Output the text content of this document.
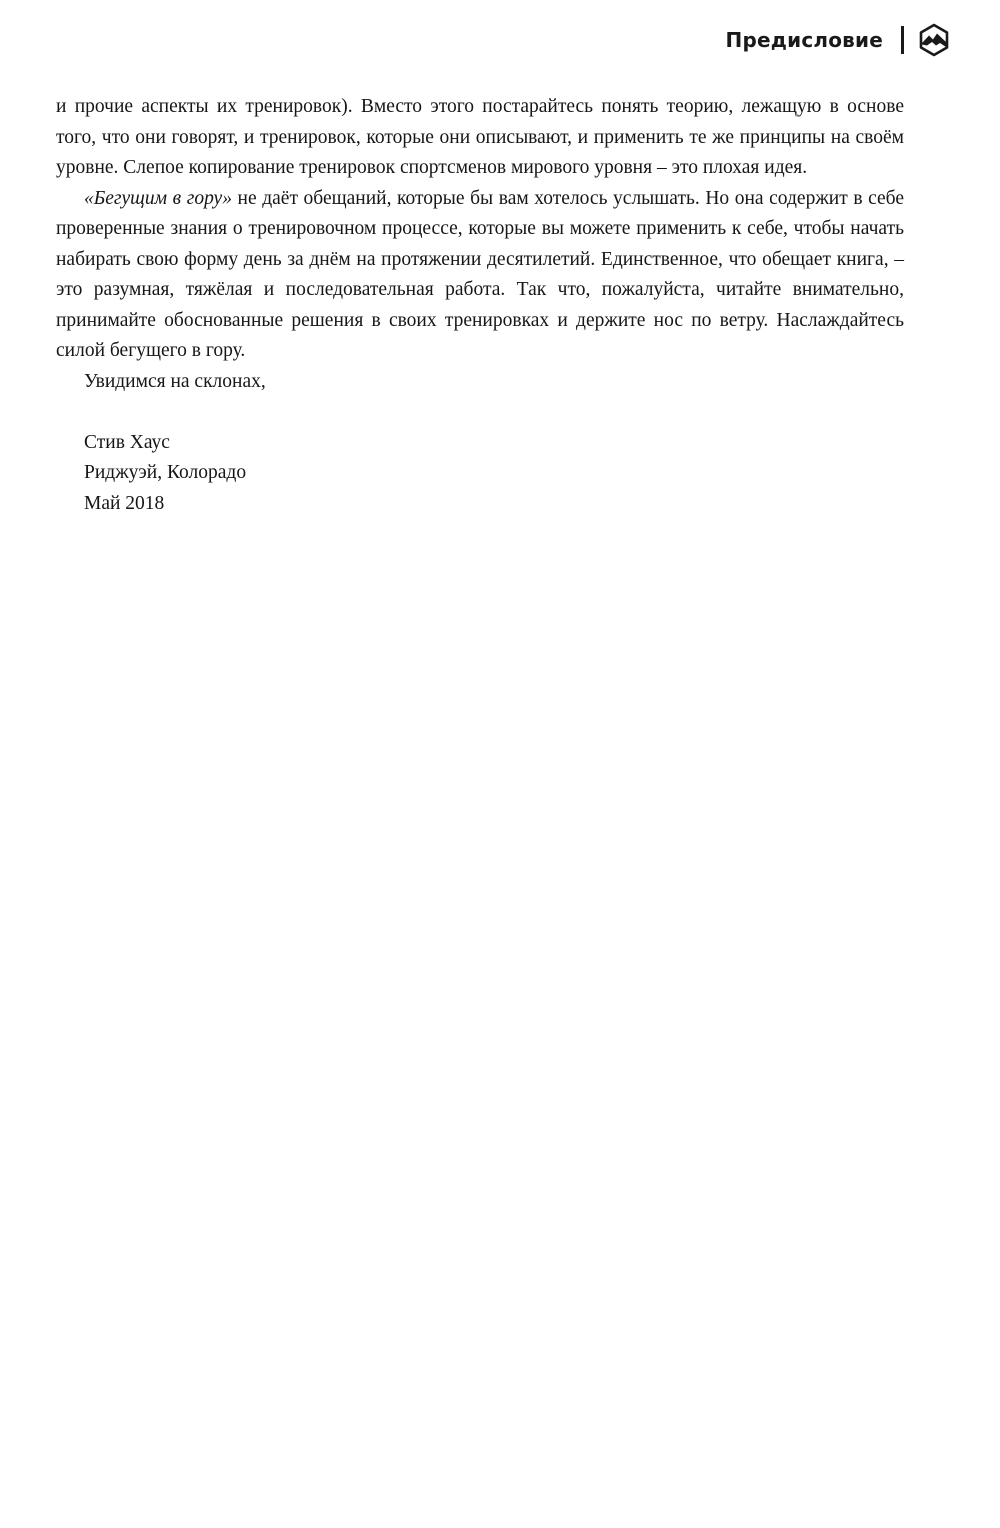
Предисловие

и прочие аспекты их тренировок). Вместо этого постарайтесь понять теорию, лежащую в основе того, что они говорят, и тренировок, которые они описывают, и применить те же принципы на своём уровне. Слепое копирование тренировок спортсменов мирового уровня – это плохая идея.

«Бегущим в гору» не даёт обещаний, которые бы вам хотелось услышать. Но она содержит в себе проверенные знания о тренировочном процессе, которые вы можете применить к себе, чтобы начать набирать свою форму день за днём на протяжении десятилетий. Единственное, что обещает книга, – это разумная, тяжёлая и последовательная работа. Так что, пожалуйста, читайте внимательно, принимайте обоснованные решения в своих тренировках и держите нос по ветру. Наслаждайтесь силой бегущего в гору.

Увидимся на склонах,

Стив Хаус

Риджуэй, Колорадо

Май 2018
